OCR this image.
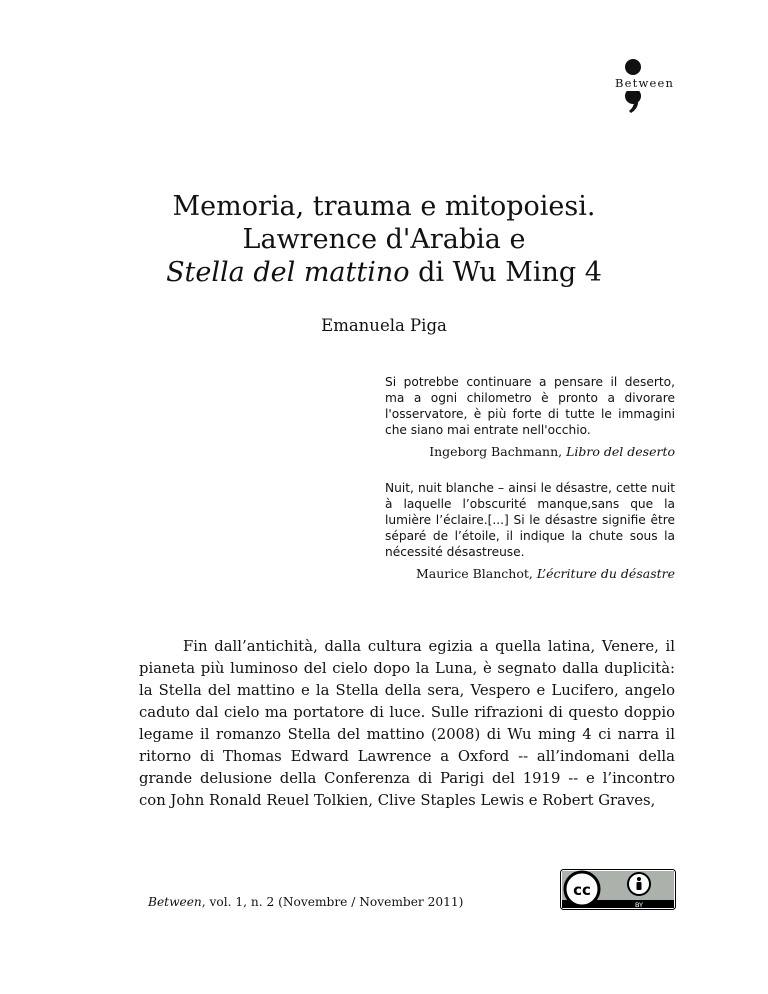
Between
Memoria, trauma e mitopoiesi.
Lawrence d'Arabia e
Stella del mattino di Wu Ming 4
Emanuela Piga
Si potrebbe continuare a pensare il deserto, ma a ogni chilometro è pronto a divorare l'osservatore, è più forte di tutte le immagini che siano mai entrate nell'occhio.
Ingeborg Bachmann, Libro del deserto
Nuit, nuit blanche – ainsi le désastre, cette nuit à laquelle l’obscurité manque,sans que la lumière l’éclaire.[...] Si le désastre signifie être séparé de l’étoile, il indique la chute sous la nécessité désastreuse.
Maurice Blanchot, L’écriture du désastre

Fin dall’antichità, dalla cultura egizia a quella latina, Venere, il pianeta più luminoso del cielo dopo la Luna, è segnato dalla duplicità: la Stella del mattino e la Stella della sera, Vespero e Lucifero, angelo caduto dal cielo ma portatore di luce. Sulle rifrazioni di questo doppio legame il romanzo Stella del mattino (2008) di Wu ming 4 ci narra il ritorno di Thomas Edward Lawrence a Oxford -- all’indomani della grande delusione della Conferenza di Parigi del 1919 -- e l’incontro con John Ronald Reuel Tolkien, Clive Staples Lewis e Robert Graves,

Between, vol. 1, n. 2 (Novembre / November 2011)
cc
BY
